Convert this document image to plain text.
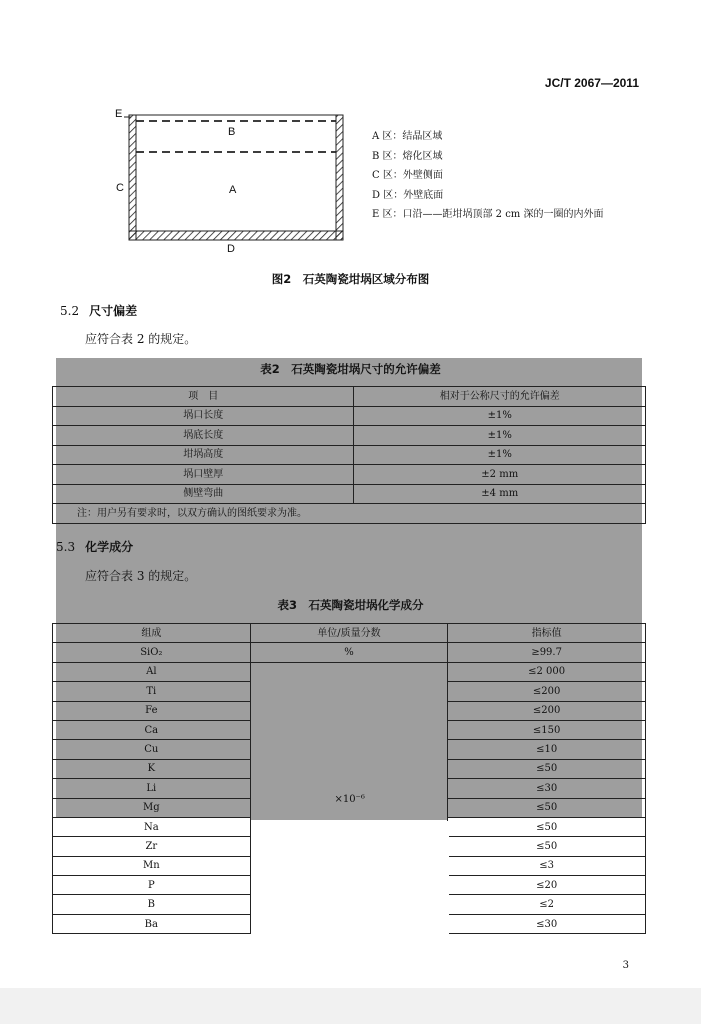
JC/T 2067—2011
E
B
C	A
D
A 区：结晶区域
B 区：熔化区域
C 区：外壁侧面
D 区：外壁底面
E 区：口沿——距坩埚顶部 2 cm 深的一圈的内外面
图2　石英陶瓷坩埚区域分布图
5.2 尺寸偏差
应符合表 2 的规定。
表2　石英陶瓷坩埚尺寸的允许偏差
项　目	相对于公称尺寸的允许偏差
埚口长度	±1%
埚底长度	±1%
坩埚高度	±1%
埚口壁厚	±2 mm
侧壁弯曲	±4 mm
注：用户另有要求时，以双方确认的图纸要求为准。	
5.3 化学成分
应符合表 3 的规定。
表3　石英陶瓷坩埚化学成分
组成	单位/质量分数	指标值
SiO₂	%	≥99.7
Al	×10⁻⁶	≤2 000
Ti		≤200
Fe		≤200
Ca		≤150
Cu		≤10
K		≤50
Li		≤30
Mg		≤50
Na		≤50
Zr		≤50
Mn		≤3
P		≤20
B		≤2
Ba		≤30
3
